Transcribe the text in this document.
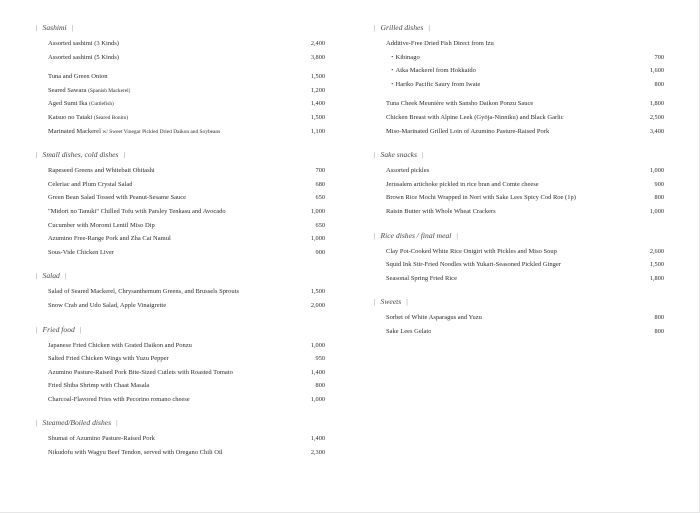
| Sashimi |
Assorted sashimi (3 Kinds)	2,400
Assorted sashimi (5 Kinds)	3,800
Tuna and Green Onion	1,500
Seared Sawara (Spanish Mackerel)	1,200
Aged Sumi Ika (Cuttlefish)	1,400
Katsuo no Tataki (Seared Bonito)	1,500
Marinated Mackerel w/ Sweet Vinegar Pickled Dried Daikon and Soybeans	1,100
| Small dishes, cold dishes |
Rapeseed Greens and Whitebait Ohitashi	700
Celeriac and Plum Crystal Salad	680
Green Bean Salad Tossed with Peanut-Sesame Sauce	650
"Midori no Tanuki" Chilled Tofu with Parsley Tenkasu and Avocado	1,000
Cucumber with Moromi Lentil Miso Dip	650
Azumino Free-Range Pork and Zha Cai Namul	1,000
Sous-Vide Chicken Liver	900
| Salad |
Salad of Seared Mackerel, Chrysanthemum Greens, and Brussels Sprouts	1,500
Snow Crab and Udo Salad, Apple Vinaigrette	2,000
| Fried food |
Japanese Fried Chicken with Grated Daikon and Ponzu	1,000
Salted Fried Chicken Wings with Yuzu Pepper	950
Azumino Pasture-Raised Pork Bite-Sized Cutlets with Roasted Tomato	1,400
Fried Shiba Shrimp with Chaat Masala	800
Charcoal-Flavored Fries with Pecorino romano cheese	1,000
| Steamed/Boiled dishes |
Shumai of Azumino Pasture-Raised Pork	1,400
Nikudofu with Wagyu Beef Tendon, served with Oregano Chili Oil	2,300
| Grilled dishes |
Additive-Free Dried Fish Direct from Izu
・Kibinago	700
・Atka Mackerel from Hokkaido	1,600
・Hariko Pacific Saury from Iwate	800
Tuna Cheek Meunière with Sansho Daikon Ponzu Sauce	1,800
Chicken Breast with Alpine Leek (Gyōja-Ninniku) and Black Garlic	2,500
Miso-Marinated Grilled Loin of Azumino Pasture-Raised Pork	3,400
| Sake snacks |
Assorted pickles	1,000
Jerusalem artichoke pickled in rice bran and Comte cheese	900
Brown Rice Mochi Wrapped in Nori with Sake Lees Spicy Cod Roe (1p)	800
Raisin Butter with Whole Wheat Crackers	1,000
| Rice dishes / final meal |
Clay Pot-Cooked White Rice Onigiri with Pickles and Miso Soup	2,600
Squid Ink Stir-Fried Noodles with Yukari-Seasoned Pickled Ginger	1,500
Seasonal Spring Fried Rice	1,800
| Sweets |
Sorbet of White Asparagus and Yuzu	800
Sake Lees Gelato	800
